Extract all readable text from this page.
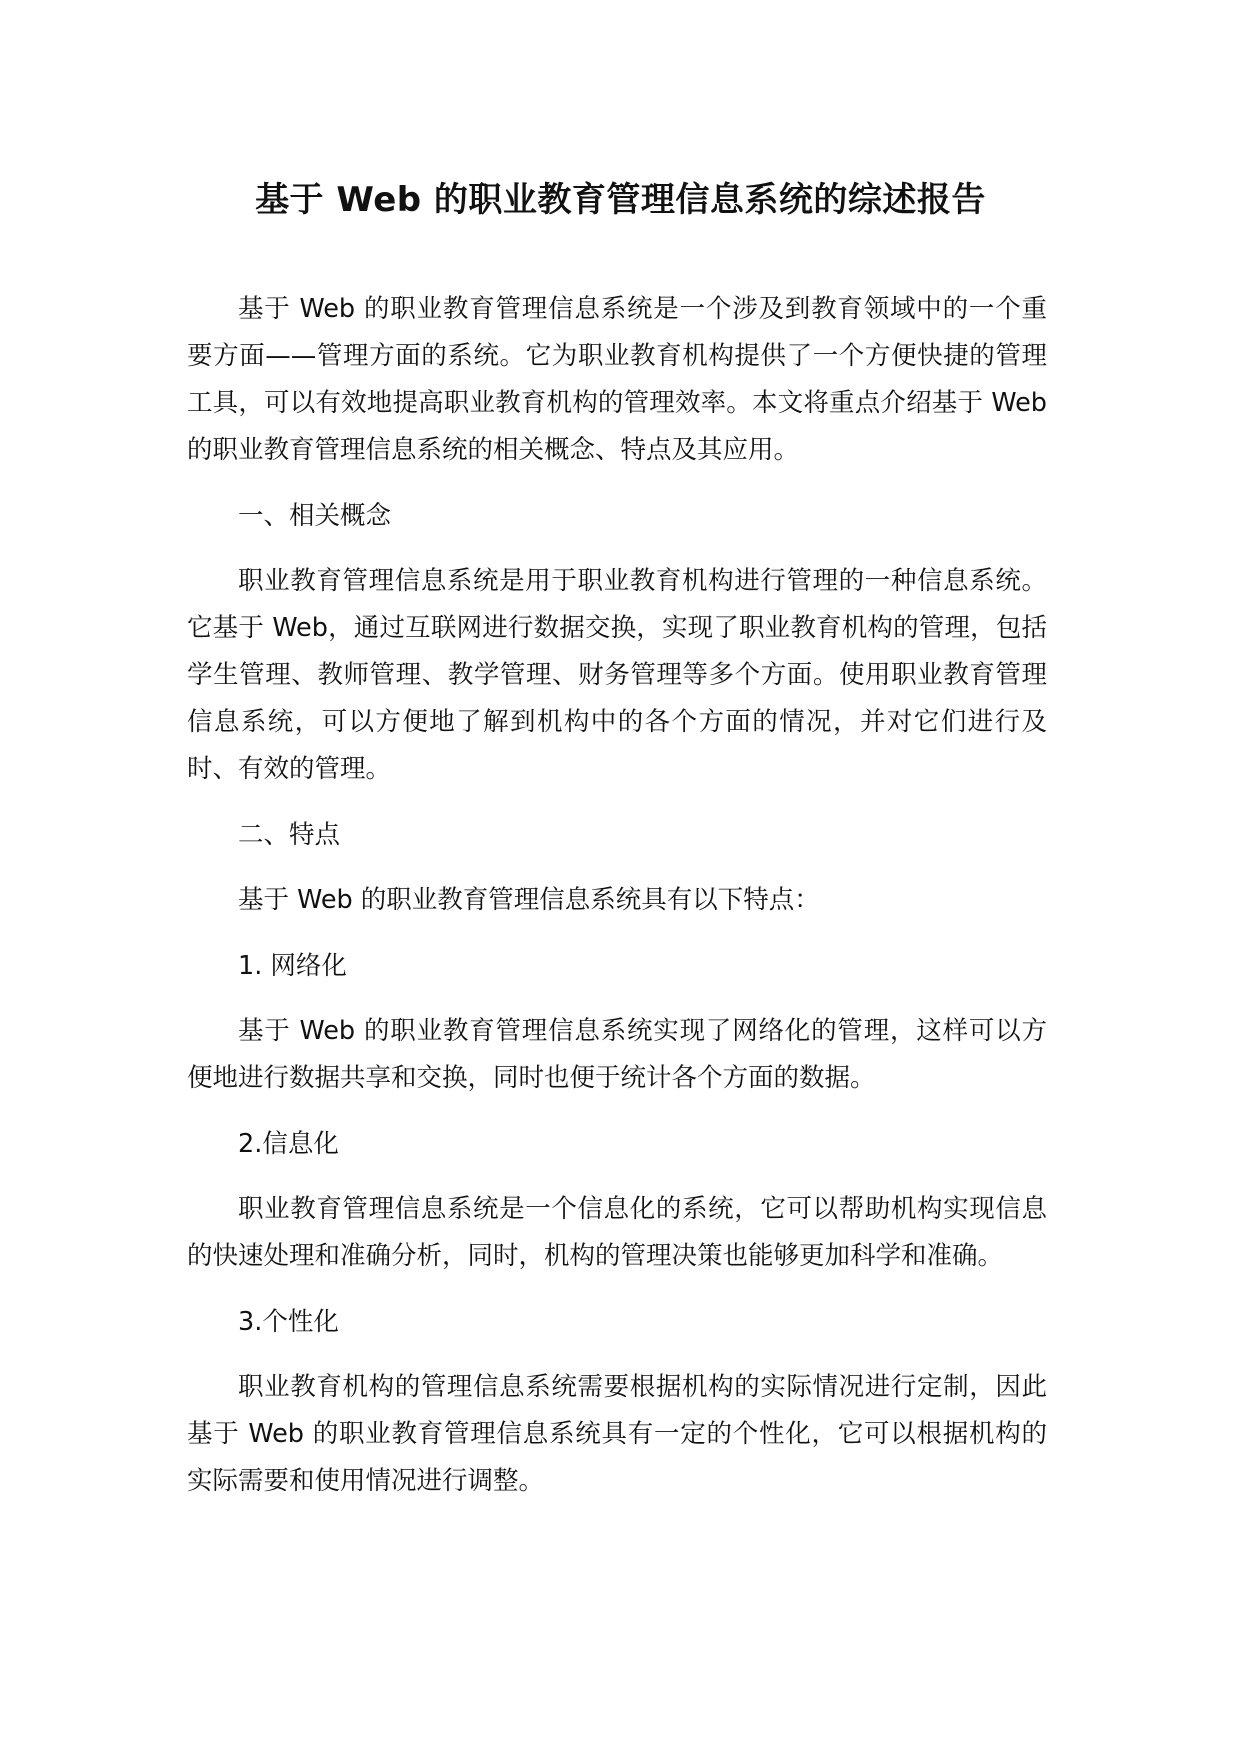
基于 Web 的职业教育管理信息系统的综述报告

基于 Web 的职业教育管理信息系统是一个涉及到教育领域中的一个重要方面——管理方面的系统。它为职业教育机构提供了一个方便快捷的管理工具，可以有效地提高职业教育机构的管理效率。本文将重点介绍基于 Web 的职业教育管理信息系统的相关概念、特点及其应用。

一、相关概念

职业教育管理信息系统是用于职业教育机构进行管理的一种信息系统。它基于 Web，通过互联网进行数据交换，实现了职业教育机构的管理，包括学生管理、教师管理、教学管理、财务管理等多个方面。使用职业教育管理信息系统，可以方便地了解到机构中的各个方面的情况，并对它们进行及时、有效的管理。

二、特点

基于 Web 的职业教育管理信息系统具有以下特点：

1. 网络化

基于 Web 的职业教育管理信息系统实现了网络化的管理，这样可以方便地进行数据共享和交换，同时也便于统计各个方面的数据。

2.信息化

职业教育管理信息系统是一个信息化的系统，它可以帮助机构实现信息的快速处理和准确分析，同时，机构的管理决策也能够更加科学和准确。

3.个性化

职业教育机构的管理信息系统需要根据机构的实际情况进行定制，因此基于 Web 的职业教育管理信息系统具有一定的个性化，它可以根据机构的实际需要和使用情况进行调整。
